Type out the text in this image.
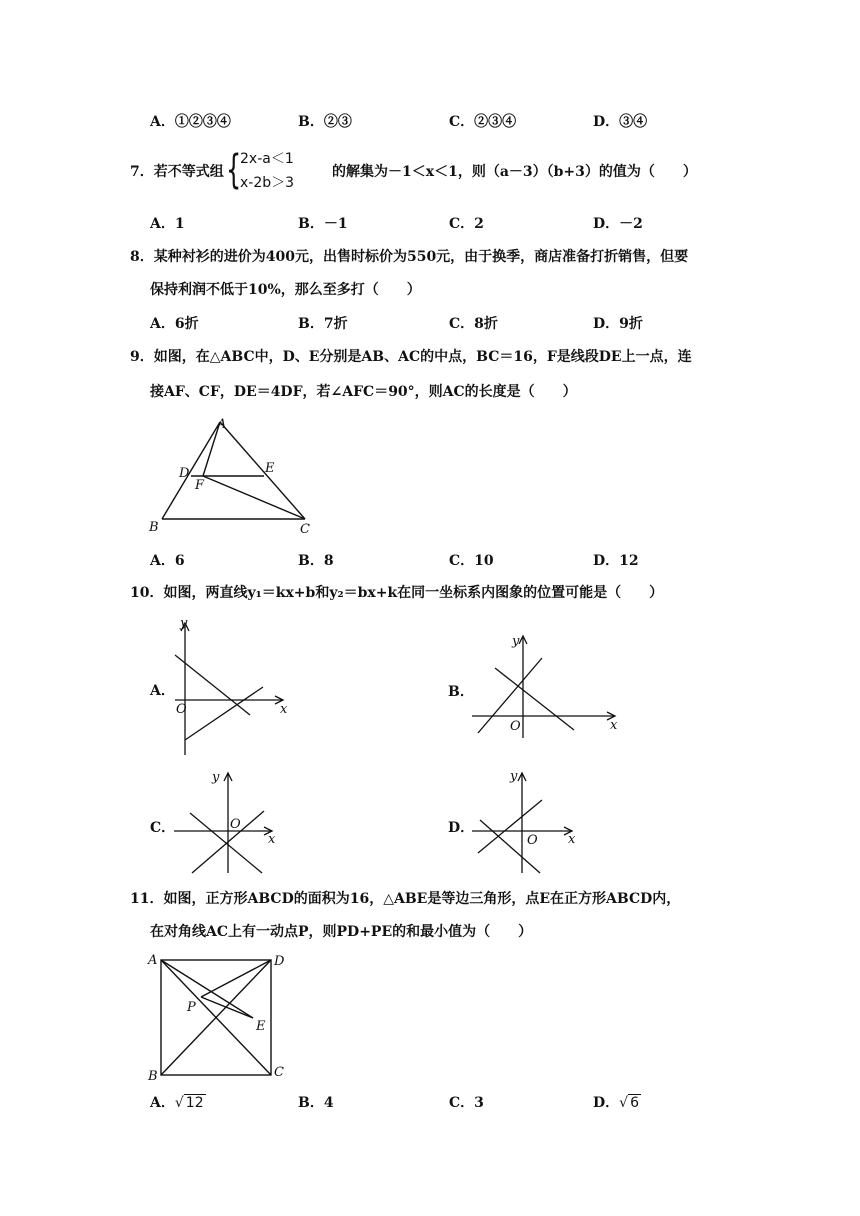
A．①②③④	B．②③	C．②③④	D．③④
7．若不等式组 {
2x-a＜1
x-2b＞3
的解集为－1＜x＜1，则（a－3）（b+3）的值为（　　）
A．1	B．－1	C．2	D．－2
8．某种衬衫的进价为400元，出售时标价为550元，由于换季，商店准备打折销售，但要
保持利润不低于10%，那么至多打（　　）
A．6折	B．7折	C．8折	D．9折
9．如图，在△ABC中，D、E分别是AB、AC的中点，BC＝16，F是线段DE上一点，连
接AF、CF，DE＝4DF，若∠AFC＝90°，则AC的长度是（　　）
A
D	E
F
B	C
A．6	B．8	C．10	D．12
10．如图，两直线y₁＝kx+b和y₂＝bx+k在同一坐标系内图象的位置可能是（　　）
A．
y
x
O
B．
y
x
O
C．
y
x
O	D．
y
x
O
11．如图，正方形ABCD的面积为16，△ABE是等边三角形，点E在正方形ABCD内，
在对角线AC上有一动点P，则PD+PE的和最小值为（　　）
A	D
P
E
B	C
A．√ 12	B．4	C．3	D．√ 6
